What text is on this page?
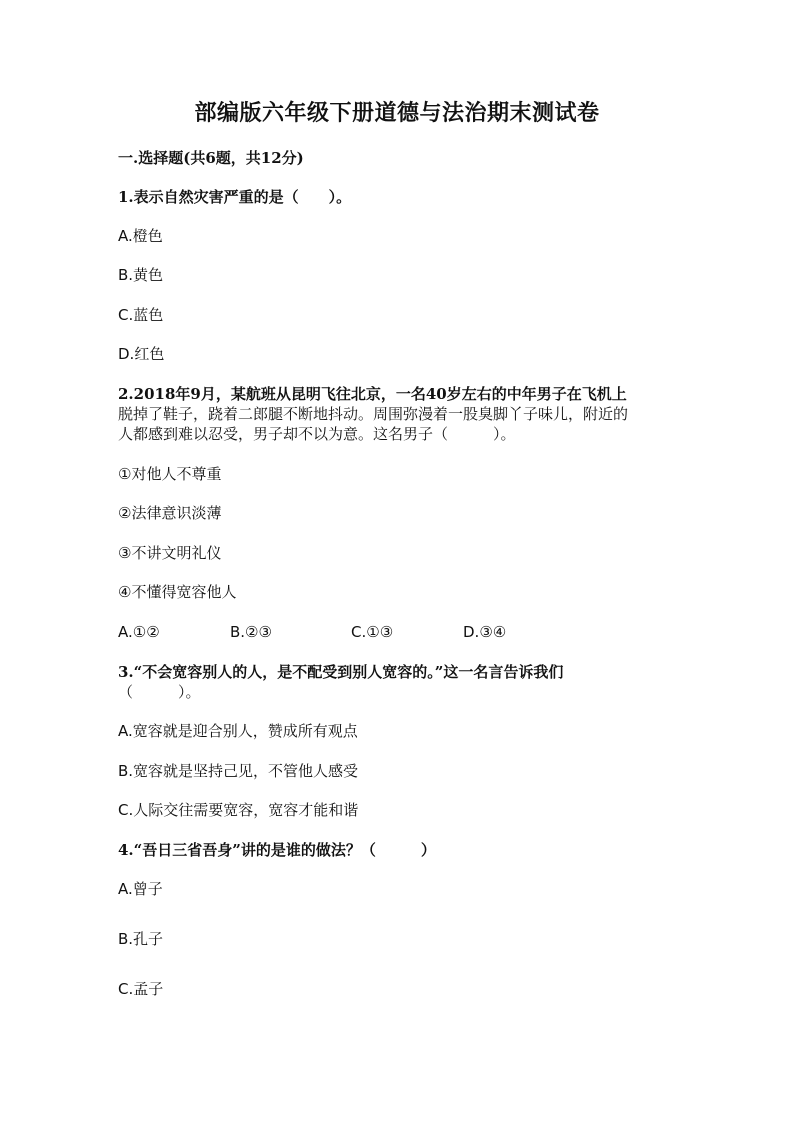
部编版六年级下册道德与法治期末测试卷
一.选择题(共6题，共12分)
1.表示自然灾害严重的是（　　）。
A.橙色
B.黄色
C.蓝色
D.红色
2.2018年9月，某航班从昆明飞往北京，一名40岁左右的中年男子在飞机上
脱掉了鞋子，跷着二郎腿不断地抖动。周围弥漫着一股臭脚丫子味儿，附近的
人都感到难以忍受，男子却不以为意。这名男子（　　　）。
①对他人不尊重
②法律意识淡薄
③不讲文明礼仪
④不懂得宽容他人
A.①②	B.②③	C.①③	D.③④
3.“不会宽容别人的人，是不配受到别人宽容的。”这一名言告诉我们
（　　　）。
A.宽容就是迎合别人，赞成所有观点
B.宽容就是坚持己见，不管他人感受
C.人际交往需要宽容，宽容才能和谐
4.“吾日三省吾身”讲的是谁的做法？（　　　）
A.曾子
B.孔子
C.孟子
